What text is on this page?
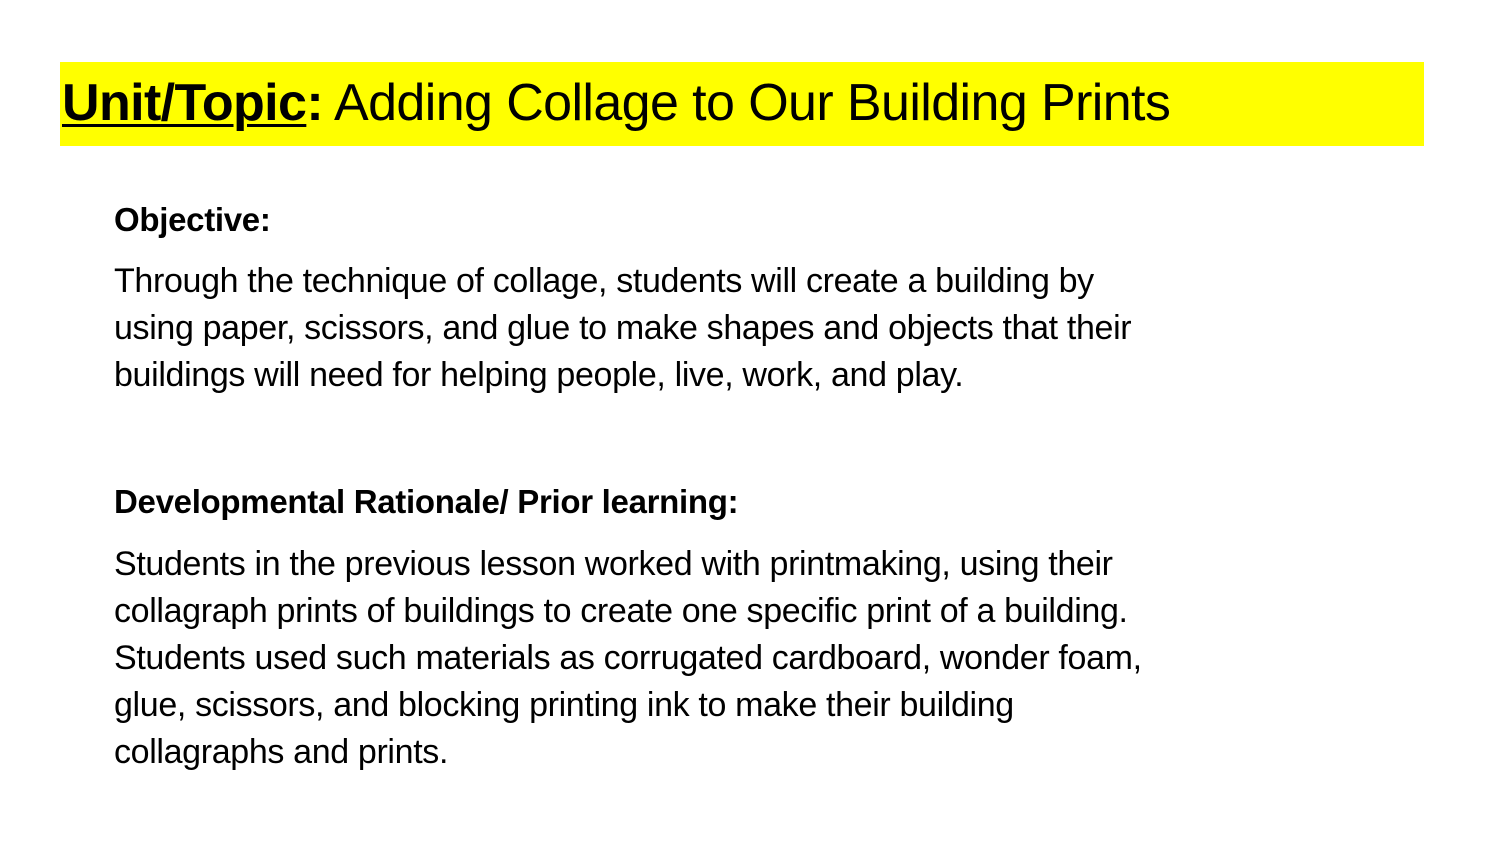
Unit/Topic: Adding Collage to Our Building Prints

Objective:

Through the technique of collage, students will create a building by
using paper, scissors, and glue to make shapes and objects that their
buildings will need for helping people, live, work, and play.

Developmental Rationale/ Prior learning:

Students in the previous lesson worked with printmaking, using their
collagraph prints of buildings to create one specific print of a building.
Students used such materials as corrugated cardboard, wonder foam,
glue, scissors, and blocking printing ink to make their building
collagraphs and prints.
